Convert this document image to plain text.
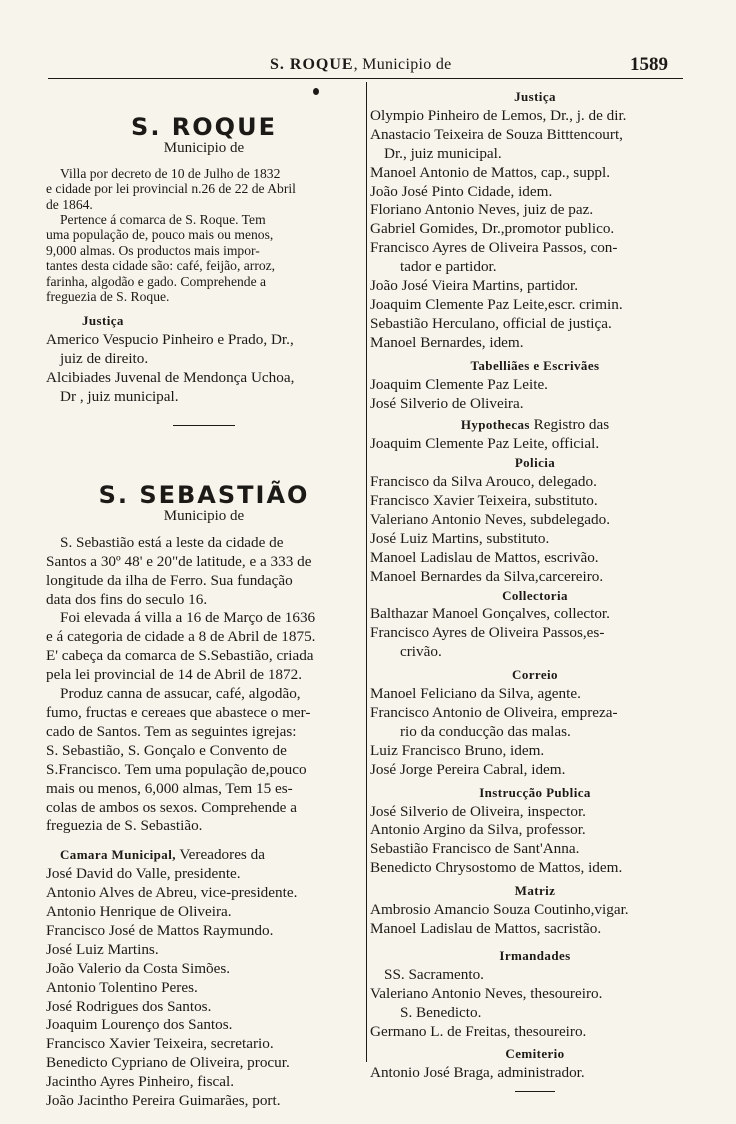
S. ROQUE, Municipio de	1589

S. ROQUE

Municipio de

Villa por decreto de 10 de Julho de 1832

e cidade por lei provincial n.26 de 22 de Abril

de 1864.

Pertence á comarca de S. Roque. Tem

uma população de, pouco mais ou menos,

9,000 almas. Os productos mais impor-

tantes desta cidade são: café, feijão, arroz,

farinha, algodão e gado. Comprehende a

freguezia de S. Roque.

Justiça

Americo Vespucio Pinheiro e Prado, Dr.,

juiz de direito.

Alcibiades Juvenal de Mendonça Uchoa,

Dr , juiz municipal.

S. SEBASTIÃO

Municipio de

S. Sebastião está a leste da cidade de

Santos a 30º 48' e 20"de latitude, e a 333 de

longitude da ilha de Ferro. Sua fundação

data dos fins do seculo 16.

Foi elevada á villa a 16 de Março de 1636

e á categoria de cidade a 8 de Abril de 1875.

E' cabeça da comarca de S.Sebastião, criada

pela lei provincial de 14 de Abril de 1872.

Produz canna de assucar, café, algodão,

fumo, fructas e cereaes que abastece o mer-

cado de Santos. Tem as seguintes igrejas:

S. Sebastião, S. Gonçalo e Convento de

S.Francisco. Tem uma população de,pouco

mais ou menos, 6,000 almas, Tem 15 es-

colas de ambos os sexos. Comprehende a

freguezia de S. Sebastião.

Camara Municipal, Vereadores da

José David do Valle, presidente.

Antonio Alves de Abreu, vice-presidente.

Antonio Henrique de Oliveira.

Francisco José de Mattos Raymundo.

José Luiz Martins.

João Valerio da Costa Simões.

Antonio Tolentino Peres.

José Rodrigues dos Santos.

Joaquim Lourenço dos Santos.

Francisco Xavier Teixeira, secretario.

Benedicto Cypriano de Oliveira, procur.

Jacintho Ayres Pinheiro, fiscal.

João Jacintho Pereira Guimarães, port.

Justiça

Olympio Pinheiro de Lemos, Dr., j. de dir.

Anastacio Teixeira de Souza Bitttencourt,

Dr., juiz municipal.

Manoel Antonio de Mattos, cap., suppl.

João José Pinto Cidade, idem.

Floriano Antonio Neves, juiz de paz.

Gabriel Gomides, Dr.,promotor publico.

Francisco Ayres de Oliveira Passos, con-

tador e partidor.

João José Vieira Martins, partidor.

Joaquim Clemente Paz Leite,escr. crimin.

Sebastião Herculano, official de justiça.

Manoel Bernardes, idem.

Tabelliães e Escrivães

Joaquim Clemente Paz Leite.

José Silverio de Oliveira.

Hypothecas Registro das

Joaquim Clemente Paz Leite, official.

Policia

Francisco da Silva Arouco, delegado.

Francisco Xavier Teixeira, substituto.

Valeriano Antonio Neves, subdelegado.

José Luiz Martins, substituto.

Manoel Ladislau de Mattos, escrivão.

Manoel Bernardes da Silva,carcereiro.

Collectoria

Balthazar Manoel Gonçalves, collector.

Francisco Ayres de Oliveira Passos,es-

crivão.

Correio

Manoel Feliciano da Silva, agente.

Francisco Antonio de Oliveira, empreza-

rio da conducção das malas.

Luiz Francisco Bruno, idem.

José Jorge Pereira Cabral, idem.

Instrucção Publica

José Silverio de Oliveira, inspector.

Antonio Argino da Silva, professor.

Sebastião Francisco de Sant'Anna.

Benedicto Chrysostomo de Mattos, idem.

Matriz

Ambrosio Amancio Souza Coutinho,vigar.

Manoel Ladislau de Mattos, sacristão.

Irmandades

SS. Sacramento.

Valeriano Antonio Neves, thesoureiro.

S. Benedicto.

Germano L. de Freitas, thesoureiro.

Cemiterio

Antonio José Braga, administrador.
